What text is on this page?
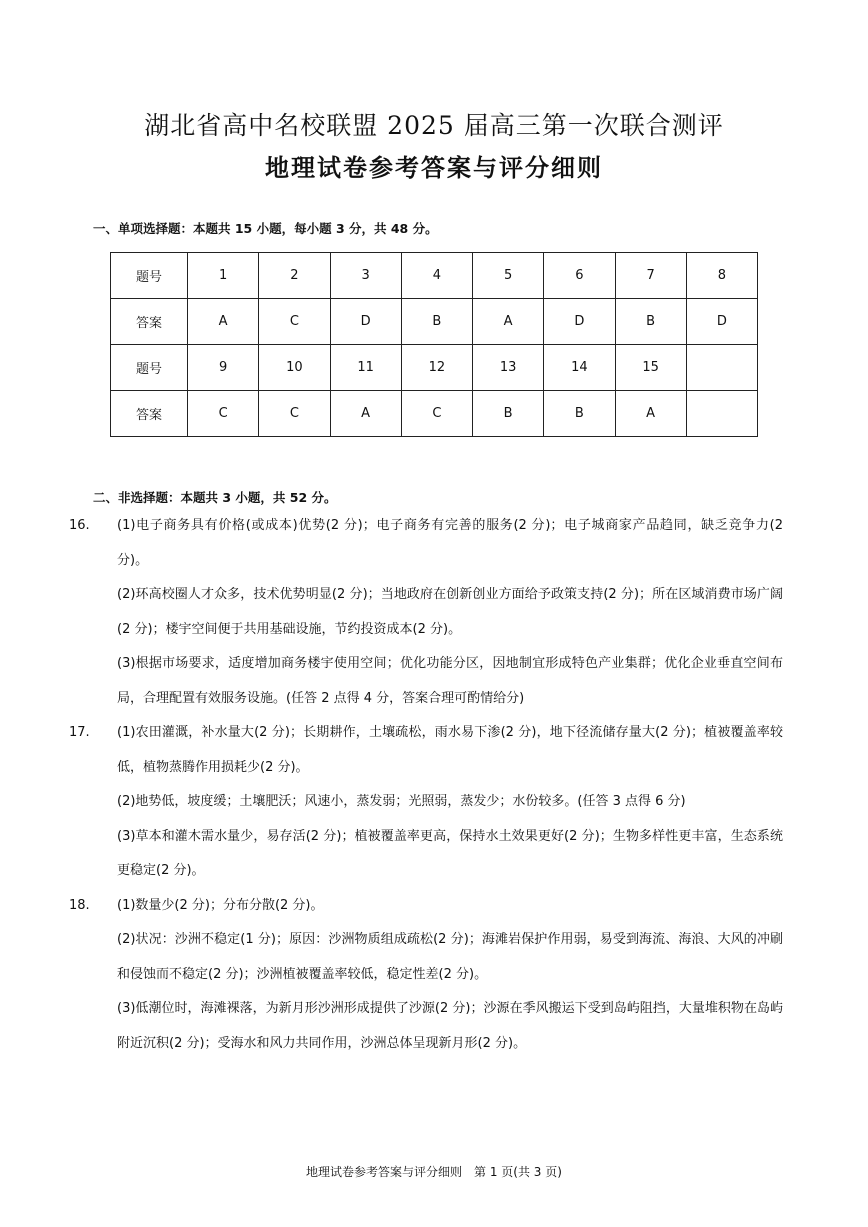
湖北省高中名校联盟 2025 届高三第一次联合测评
地理试卷参考答案与评分细则
一、单项选择题：本题共 15 小题，每小题 3 分，共 48 分。
题号	1	2	3	4	5	6	7	8
答案	A	C	D	B	A	D	B	D
题号	9	10	11	12	13	14	15	
答案	C	C	A	C	B	B	A	
二、非选择题：本题共 3 小题，共 52 分。

16. (1)电子商务具有价格(或成本)优势(2 分)；电子商务有完善的服务(2 分)；电子城商家产品趋同，缺乏竞争力(2 分)。

(2)环高校圈人才众多，技术优势明显(2 分)；当地政府在创新创业方面给予政策支持(2 分)；所在区域消费市场广阔(2 分)；楼宇空间便于共用基础设施，节约投资成本(2 分)。

(3)根据市场要求，适度增加商务楼宇使用空间；优化功能分区，因地制宜形成特色产业集群；优化企业垂直空间布局，合理配置有效服务设施。(任答 2 点得 4 分，答案合理可酌情给分)

17. (1)农田灌溉，补水量大(2 分)；长期耕作，土壤疏松，雨水易下渗(2 分)，地下径流储存量大(2 分)；植被覆盖率较低，植物蒸腾作用损耗少(2 分)。

(2)地势低，坡度缓；土壤肥沃；风速小，蒸发弱；光照弱，蒸发少；水份较多。(任答 3 点得 6 分)

(3)草本和灌木需水量少，易存活(2 分)；植被覆盖率更高，保持水土效果更好(2 分)；生物多样性更丰富，生态系统更稳定(2 分)。

18. (1)数量少(2 分)；分布分散(2 分)。

(2)状况：沙洲不稳定(1 分)；原因：沙洲物质组成疏松(2 分)；海滩岩保护作用弱，易受到海流、海浪、大风的冲刷和侵蚀而不稳定(2 分)；沙洲植被覆盖率较低，稳定性差(2 分)。

(3)低潮位时，海滩裸落，为新月形沙洲形成提供了沙源(2 分)；沙源在季风搬运下受到岛屿阻挡，大量堆积物在岛屿附近沉积(2 分)；受海水和风力共同作用，沙洲总体呈现新月形(2 分)。

地理试卷参考答案与评分细则　第 1 页(共 3 页)
